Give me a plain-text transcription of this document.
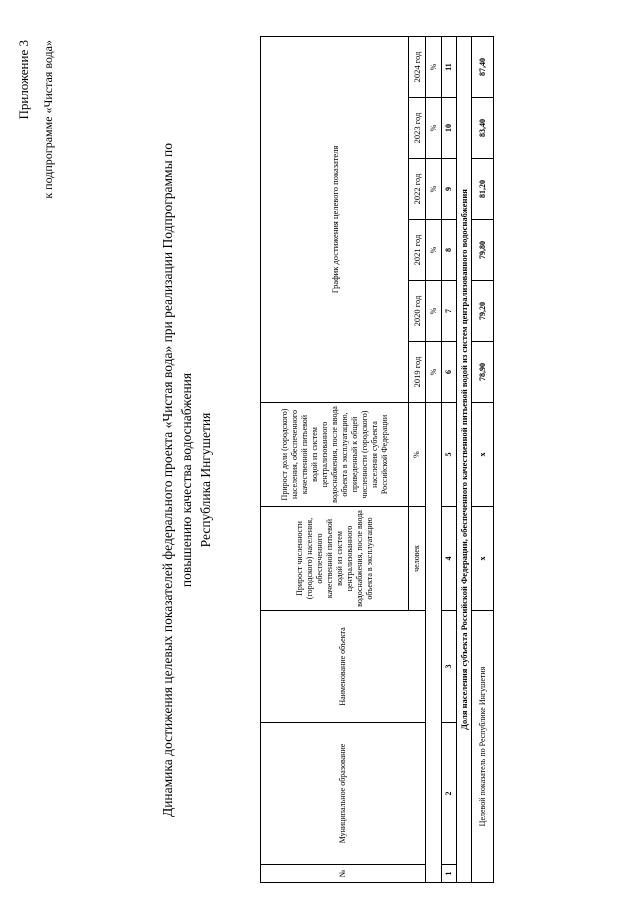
Приложение 3 к подпрограмме «Чистая вода»
Динамика достижения целевых показателей федерального проекта «Чистая вода» при реализации Подпрограммы по повышению качества водоснабжения Республика Ингушетия
№	Муниципальное образование	Наименование объекта	Прирост численности (городского) населения, обеспеченного качественной питьевой водой из систем централизованного водоснабжения, после ввода объекта в эксплуатацию	Прирост доли (городского) населения, обеспеченного качественной питьевой водой из систем централизованного водоснабжения, после ввода объекта в эксплуатацию, приведенный к общей численности (городского) населения субъекта Российской Федерации	График достижения целевого показателя					

			человек	%	2019 год	2020 год	2021 год	2022 год	2023 год	2024 год
					%	%	%	%	%	%
1	2	3	4	5	6	7	8	9	10	11
Доля населения субъекта Российской Федерации, обеспеченного качественной питьевой водой из систем централизованного водоснабжения										
Целевой показатель по Республике Ингушетия			x	x	78,90	79,20	79,80	81,20	83,40	87,40
